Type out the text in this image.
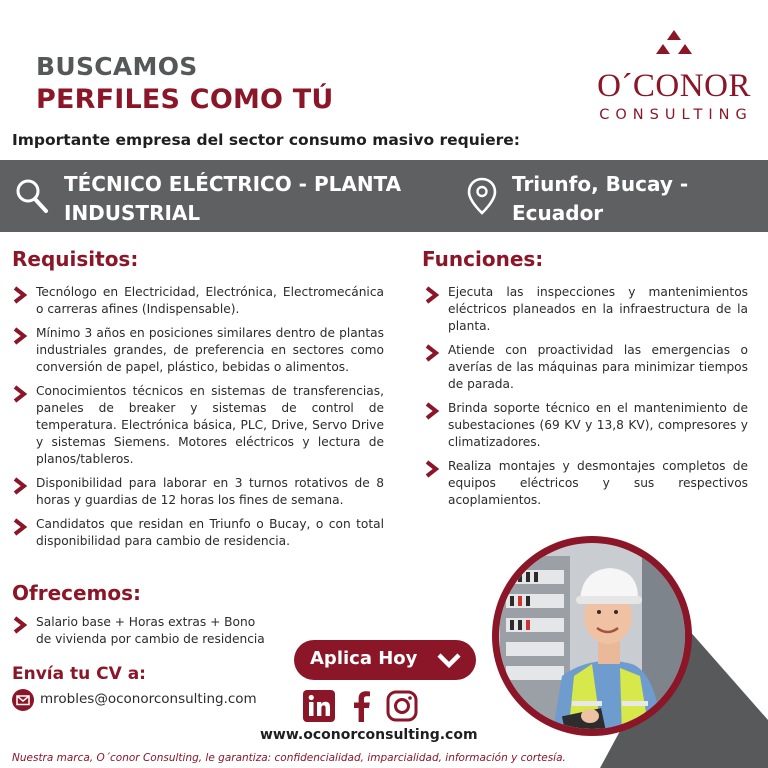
BUSCAMOS
PERFILES COMO TÚ
Importante empresa del sector consumo masivo requiere:
O´CONOR
CONSULTING
TÉCNICO ELÉCTRICO - PLANTA INDUSTRIAL
Triunfo, Bucay - Ecuador
Requisitos:
Tecnólogo en Electricidad, Electrónica, Electromecánica o carreras afines (Indispensable).
Mínimo 3 años en posiciones similares dentro de plantas industriales grandes, de preferencia en sectores como conversión de papel, plástico, bebidas o alimentos.
Conocimientos técnicos en sistemas de transferencias, paneles de breaker y sistemas de control de temperatura. Electrónica básica, PLC, Drive, Servo Drive y sistemas Siemens. Motores eléctricos y lectura de planos/tableros.
Disponibilidad para laborar en 3 turnos rotativos de 8 horas y guardias de 12 horas los fines de semana.
Candidatos que residan en Triunfo o Bucay, o con total disponibilidad para cambio de residencia.
Funciones:
Ejecuta las inspecciones y mantenimientos eléctricos planeados en la infraestructura de la planta.
Atiende con proactividad las emergencias o averías de las máquinas para minimizar tiempos de parada.
Brinda soporte técnico en el mantenimiento de subestaciones (69 KV y 13,8 KV), compresores y climatizadores.
Realiza montajes y desmontajes completos de equipos eléctricos y sus respectivos acoplamientos.
Ofrecemos:
Salario base + Horas extras + Bono de vivienda por cambio de residencia
Envía tu CV a:
mrobles@oconorconsulting.com
Aplica Hoy
www.oconorconsulting.com
Nuestra marca, O´conor Consulting, le garantiza: confidencialidad, imparcialidad, información y cortesía.
